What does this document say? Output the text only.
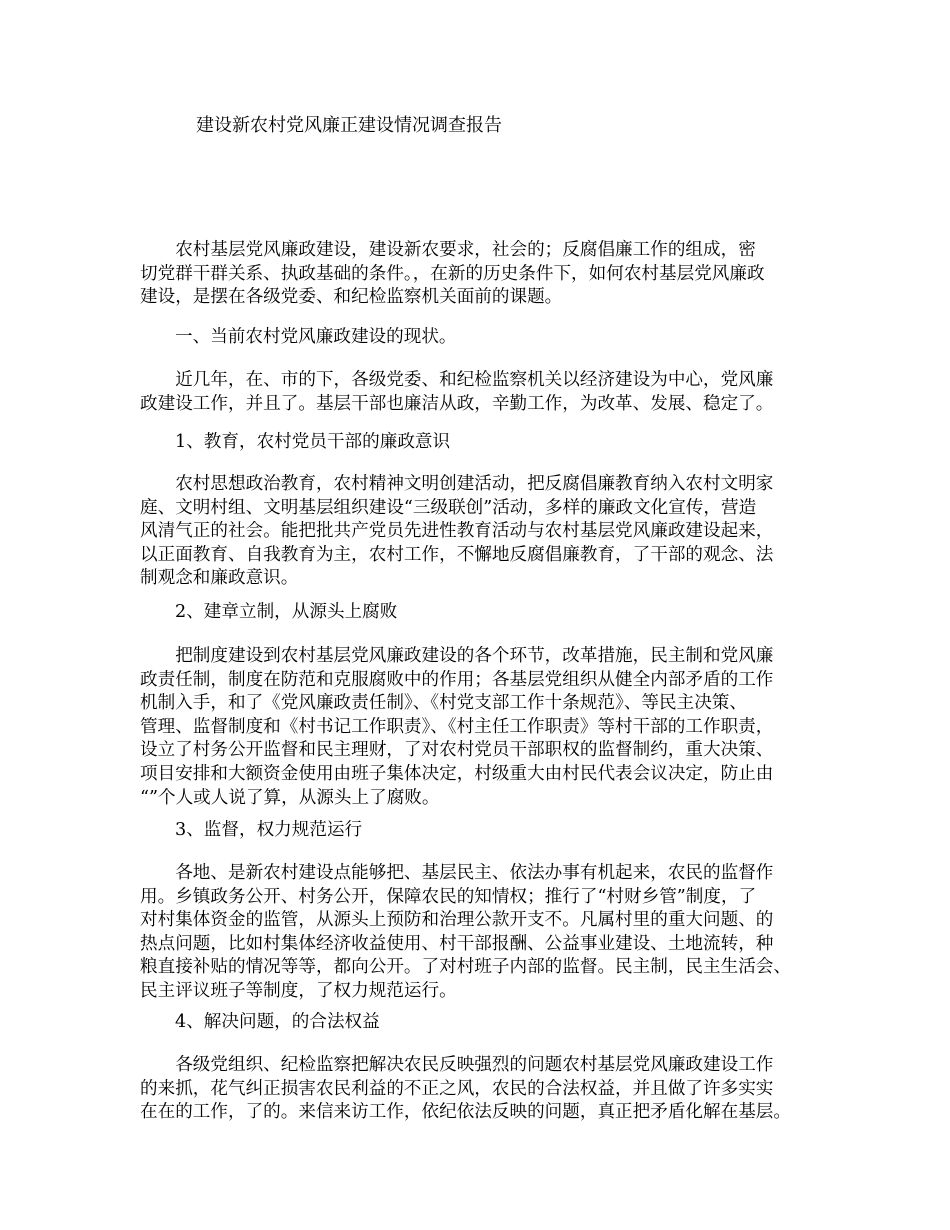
建设新农村党风廉正建设情况调查报告
　　农村基层党风廉政建设，建设新农要求，社会的；反腐倡廉工作的组成，密
切党群干群关系、执政基础的条件。，在新的历史条件下，如何农村基层党风廉政
建设，是摆在各级党委、和纪检监察机关面前的课题。
一、当前农村党风廉政建设的现状。
　　近几年，在、市的下，各级党委、和纪检监察机关以经济建设为中心，党风廉
政建设工作，并且了。基层干部也廉洁从政，辛勤工作，为改革、发展、稳定了。
1、教育，农村党员干部的廉政意识
　　农村思想政治教育，农村精神文明创建活动，把反腐倡廉教育纳入农村文明家
庭、文明村组、文明基层组织建设“三级联创”活动，多样的廉政文化宣传，营造
风清气正的社会。能把批共产党员先进性教育活动与农村基层党风廉政建设起来，
以正面教育、自我教育为主，农村工作，不懈地反腐倡廉教育，了干部的观念、法
制观念和廉政意识。
2、建章立制，从源头上腐败
　　把制度建设到农村基层党风廉政建设的各个环节，改革措施，民主制和党风廉
政责任制，制度在防范和克服腐败中的作用；各基层党组织从健全内部矛盾的工作
机制入手，和了《党风廉政责任制》、《村党支部工作十条规范》、等民主决策、
管理、监督制度和《村书记工作职责》、《村主任工作职责》等村干部的工作职责，
设立了村务公开监督和民主理财，了对农村党员干部职权的监督制约，重大决策、
项目安排和大额资金使用由班子集体决定，村级重大由村民代表会议决定，防止由
“”个人或人说了算，从源头上了腐败。
3、监督，权力规范运行
　　各地、是新农村建设点能够把、基层民主、依法办事有机起来，农民的监督作
用。乡镇政务公开、村务公开，保障农民的知情权；推行了“村财乡管”制度，了
对村集体资金的监管，从源头上预防和治理公款开支不。凡属村里的重大问题、的
热点问题，比如村集体经济收益使用、村干部报酬、公益事业建设、土地流转，种
粮直接补贴的情况等等，都向公开。了对村班子内部的监督。民主制，民主生活会、
民主评议班子等制度，了权力规范运行。
4、解决问题，的合法权益
　　各级党组织、纪检监察把解决农民反映强烈的问题农村基层党风廉政建设工作
的来抓，花气纠正损害农民利益的不正之风，农民的合法权益，并且做了许多实实
在在的工作，了的。来信来访工作，依纪依法反映的问题，真正把矛盾化解在基层。
